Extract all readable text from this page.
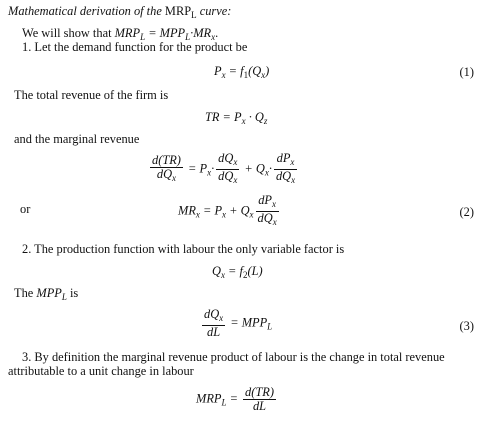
Mathematical derivation of the $MRP_L$ curve:
We will show that $MRP_L = MPP_L\cdot MR_x$.
1. Let the demand function for the product be
$P_x = f_1(Q_x)$	(1)
The total revenue of the firm is
TR = $P_x \cdot Q_z$
and the marginal revenue
$\frac{d(TR)}{dQ_x} = P_x\cdot \frac{dQ_x}{dQ_x} + Q_x\cdot \frac{dP_x}{dQ_x}$
or	$MR_x = P_x + Q_x \frac{dP_x}{dQ_x}$	(2)
2. The production function with labour the only variable factor is
$Q_x = f_2(L)$
The $MPP_L$ is
$\frac{dQ_x}{dL} = MPP_L$	(3)
3. By definition the marginal revenue product of labour is the change in total revenue
attributable to a unit change in labour
$MRP_L = \frac{d(TR)}{dL}$
